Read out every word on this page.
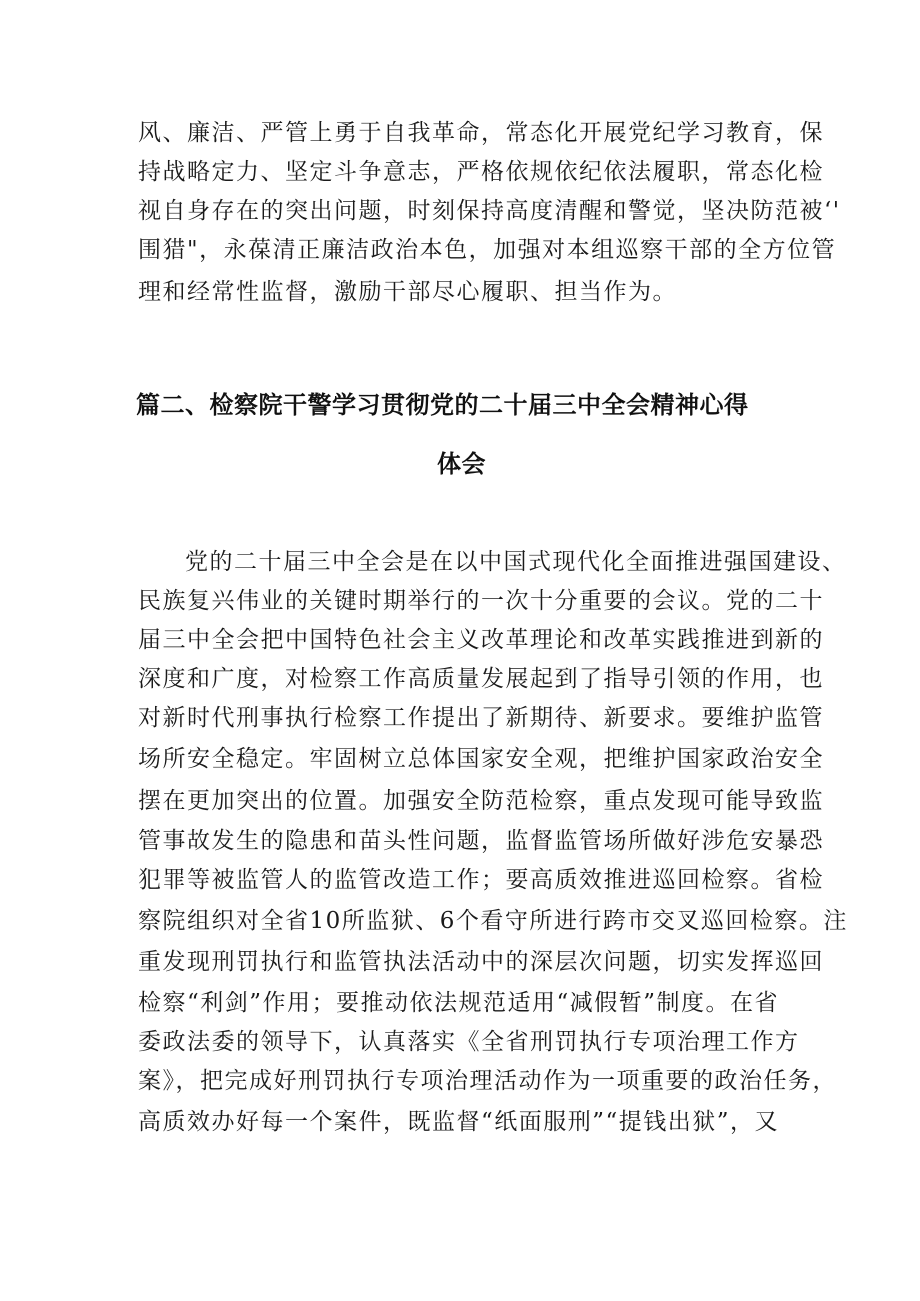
风、廉洁、严管上勇于自我革命，常态化开展党纪学习教育，保
持战略定力、坚定斗争意志，严格依规依纪依法履职，常态化检
视自身存在的突出问题，时刻保持高度清醒和警觉，坚决防范被‘'
围猎"，永葆清正廉洁政治本色，加强对本组巡察干部的全方位管
理和经常性监督，激励干部尽心履职、担当作为。
篇二、检察院干警学习贯彻党的二十届三中全会精神心得
体会
党的二十届三中全会是在以中国式现代化全面推进强国建设、
民族复兴伟业的关键时期举行的一次十分重要的会议。党的二十
届三中全会把中国特色社会主义改革理论和改革实践推进到新的
深度和广度，对检察工作高质量发展起到了指导引领的作用，也
对新时代刑事执行检察工作提出了新期待、新要求。要维护监管
场所安全稳定。牢固树立总体国家安全观，把维护国家政治安全
摆在更加突出的位置。加强安全防范检察，重点发现可能导致监
管事故发生的隐患和苗头性问题，监督监管场所做好涉危安暴恐
犯罪等被监管人的监管改造工作；要高质效推进巡回检察。省检
察院组织对全省10所监狱、6个看守所进行跨市交叉巡回检察。注
重发现刑罚执行和监管执法活动中的深层次问题，切实发挥巡回
检察“利剑”作用；要推动依法规范适用“减假暂”制度。在省
委政法委的领导下，认真落实《全省刑罚执行专项治理工作方
案》，把完成好刑罚执行专项治理活动作为一项重要的政治任务，
高质效办好每一个案件，既监督“纸面服刑”“提钱出狱”，又
